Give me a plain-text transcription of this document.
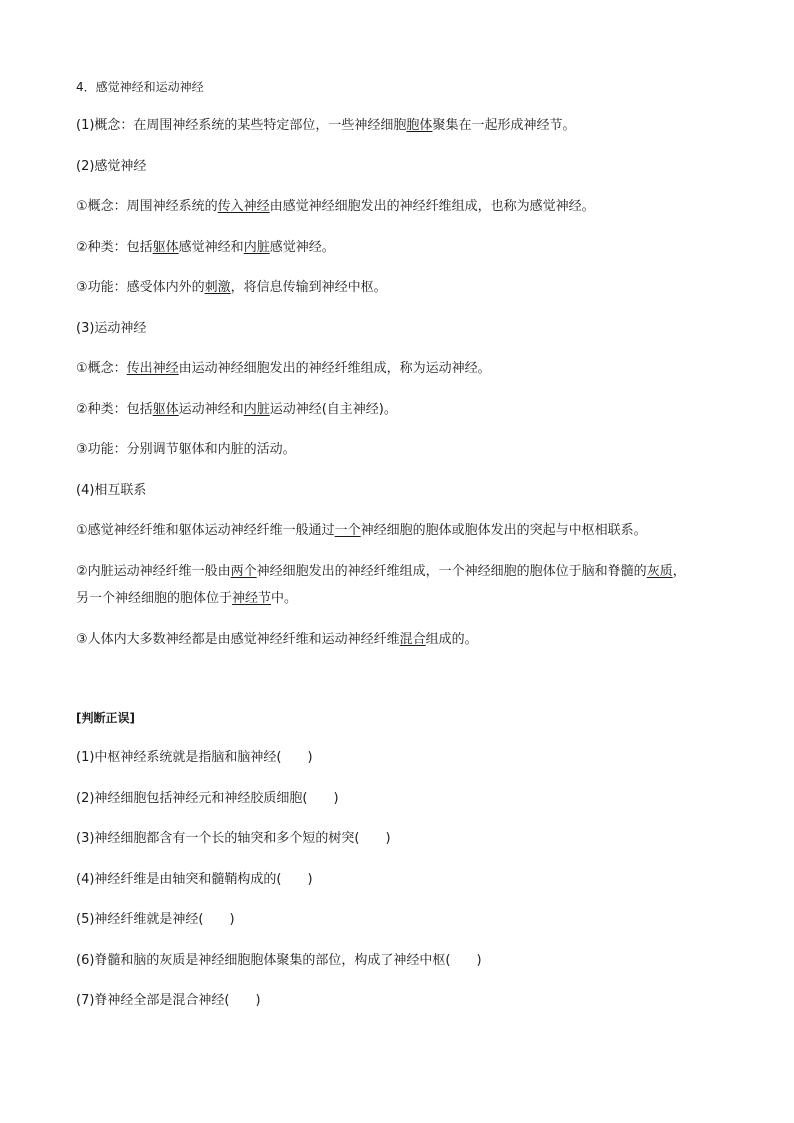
4．感觉神经和运动神经
(1)概念：在周围神经系统的某些特定部位，一些神经细胞胞体聚集在一起形成神经节。
(2)感觉神经
①概念：周围神经系统的传入神经由感觉神经细胞发出的神经纤维组成，也称为感觉神经。
②种类：包括躯体感觉神经和内脏感觉神经。
③功能：感受体内外的刺激，将信息传输到神经中枢。
(3)运动神经
①概念：传出神经由运动神经细胞发出的神经纤维组成，称为运动神经。
②种类：包括躯体运动神经和内脏运动神经(自主神经)。
③功能：分别调节躯体和内脏的活动。
(4)相互联系
①感觉神经纤维和躯体运动神经纤维一般通过一个神经细胞的胞体或胞体发出的突起与中枢相联系。
②内脏运动神经纤维一般由两个神经细胞发出的神经纤维组成，一个神经细胞的胞体位于脑和脊髓的灰质，
另一个神经细胞的胞体位于神经节中。
③人体内大多数神经都是由感觉神经纤维和运动神经纤维混合组成的。
[判断正误]
(1)中枢神经系统就是指脑和脑神经(　　)
(2)神经细胞包括神经元和神经胶质细胞(　　)
(3)神经细胞都含有一个长的轴突和多个短的树突(　　)
(4)神经纤维是由轴突和髓鞘构成的(　　)
(5)神经纤维就是神经(　　)
(6)脊髓和脑的灰质是神经细胞胞体聚集的部位，构成了神经中枢(　　)
(7)脊神经全部是混合神经(　　)
